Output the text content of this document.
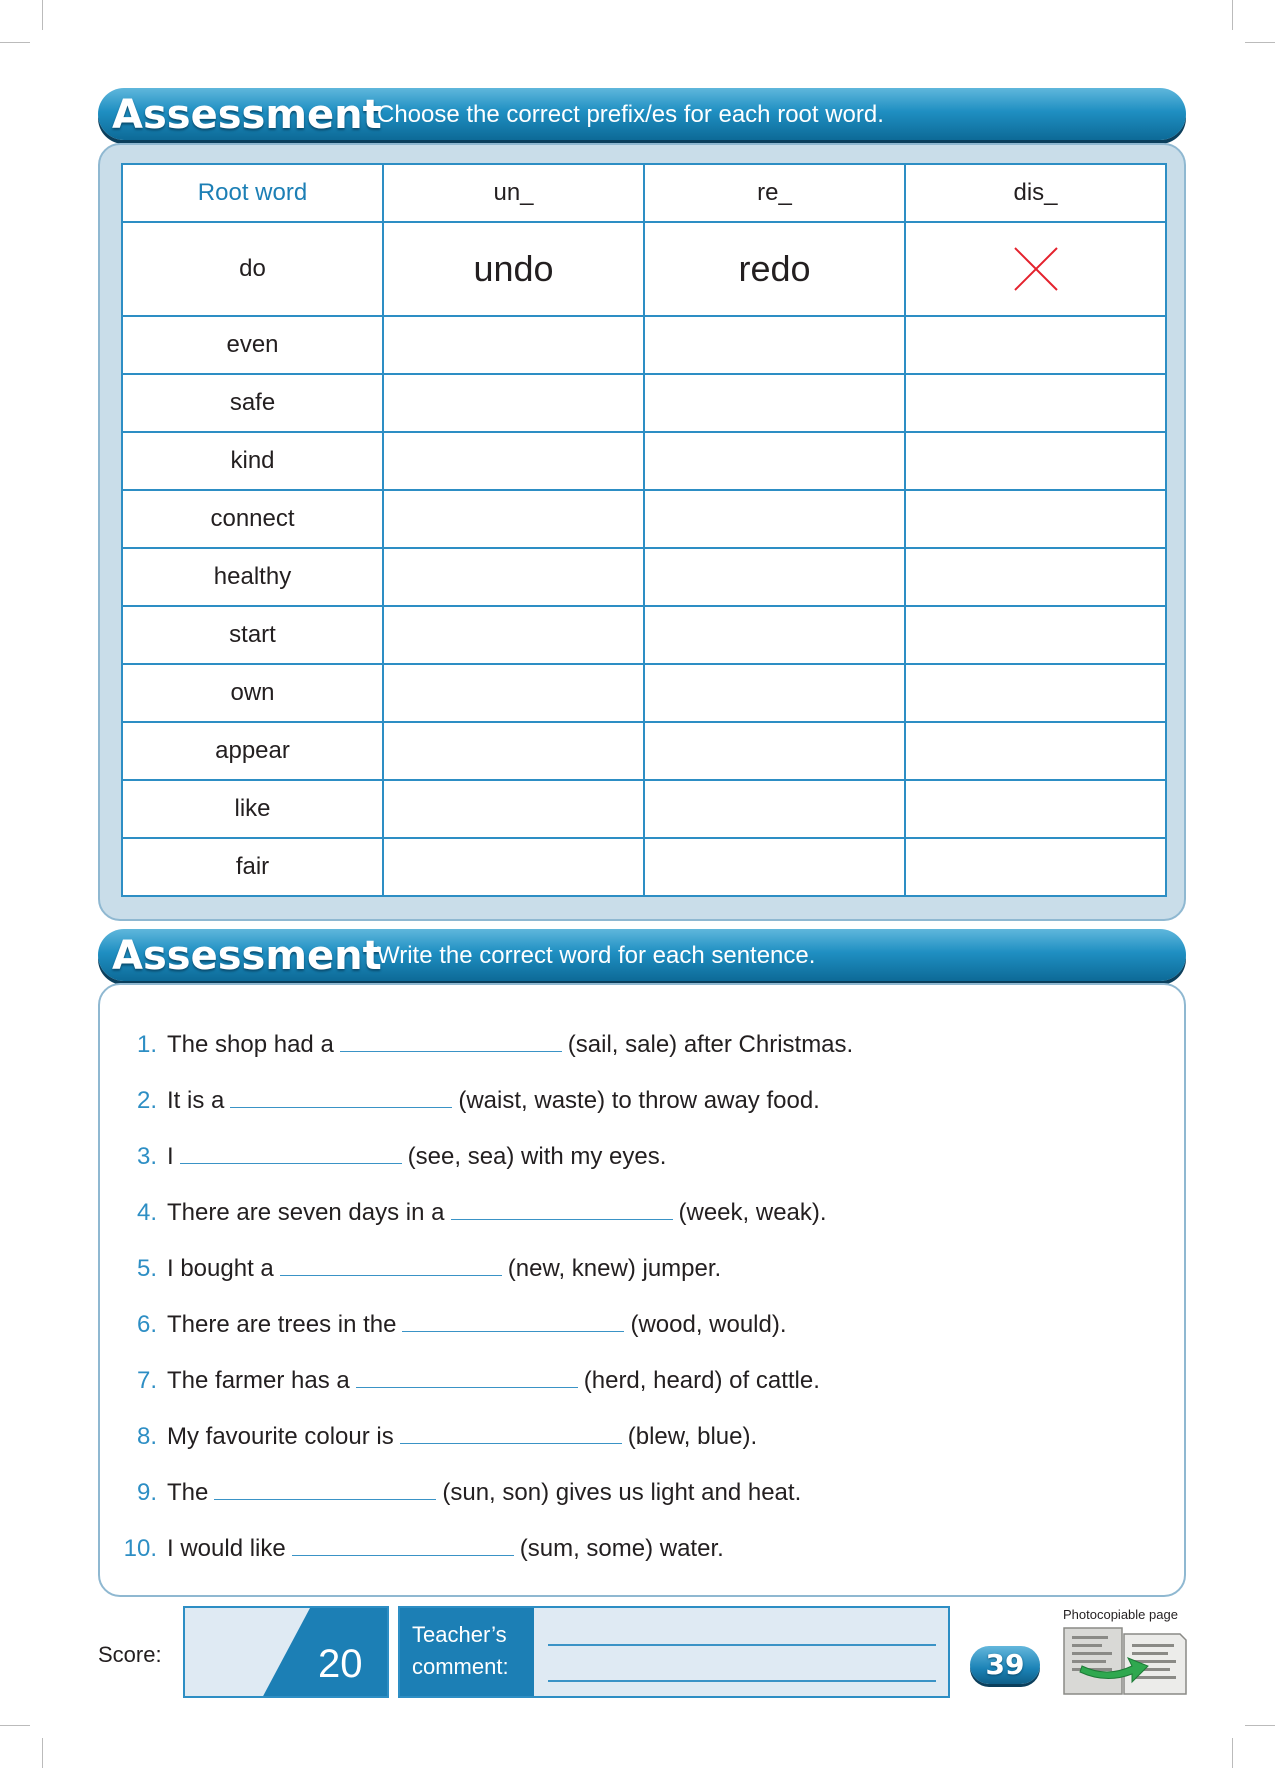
Assessment
Choose the correct prefix/es for each root word.
Root word	un_	re_	dis_
do	undo	redo	
even			
safe			
kind			
connect			
healthy			
start			
own			
appear			
like			
fair			
Assessment
Write the correct word for each sentence.
1. The shop had a	(sail, sale) after Christmas.
2. It is a	(waist, waste) to throw away food.
3. I	(see, sea) with my eyes.
4. There are seven days in a	(week, weak).
5. I bought a	(new, knew) jumper.
6. There are trees in the	(wood, would).
7. The farmer has a	(herd, heard) of cattle.
8. My favourite colour is	(blew, blue).
9. The	(sun, son) gives us light and heat.
10. I would like	(sum, some) water.
Score:	20
Teacher’s
comment:	39
Photocopiable page
